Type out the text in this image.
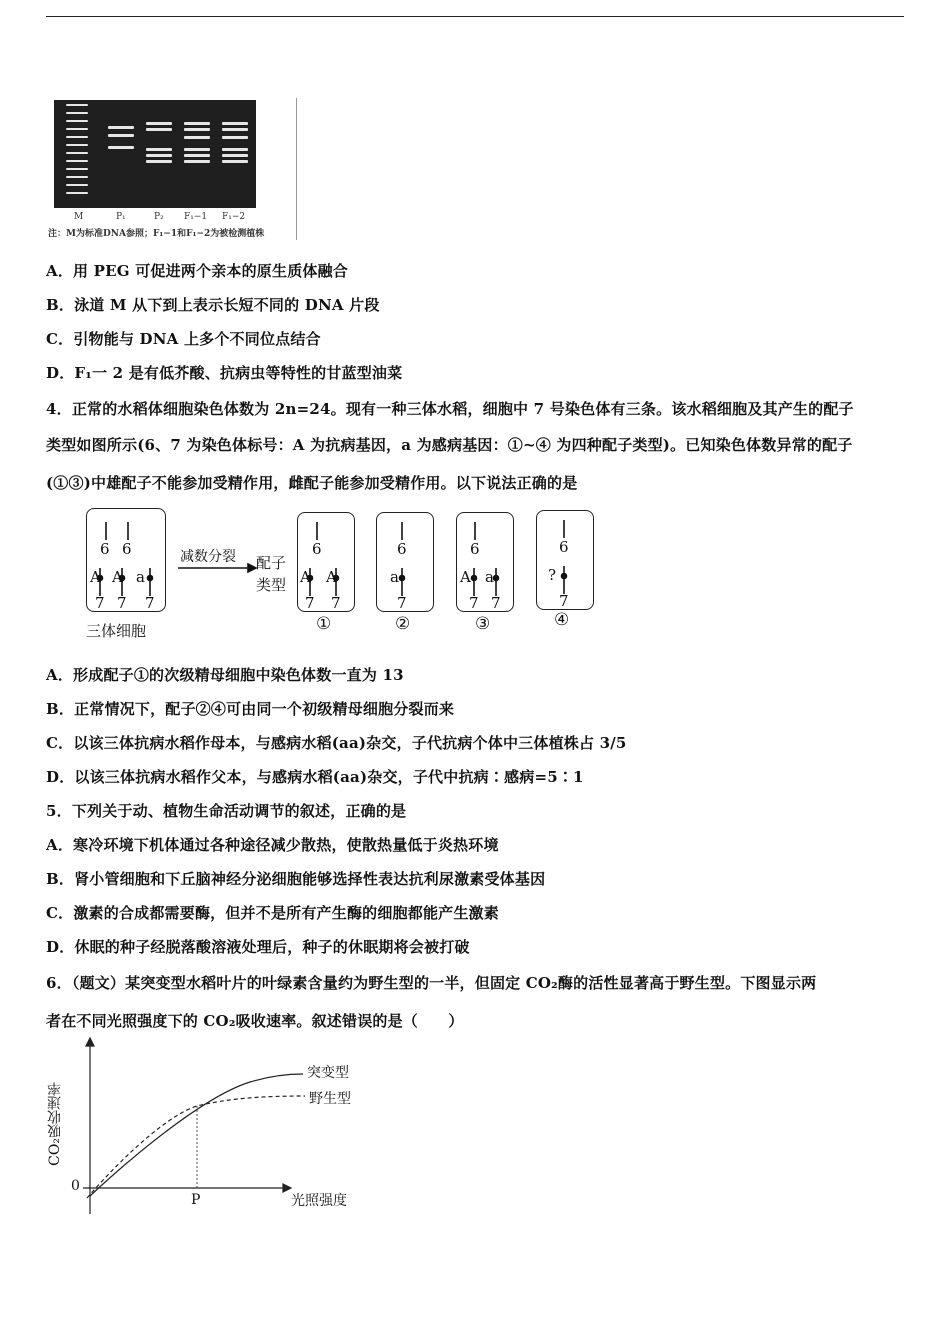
M	P₁	P₂ F₁−1 F₁−2
注：M为标准DNA参照；F₁−1和F₁−2为被检测植株
A．用 PEG 可促进两个亲本的原生质体融合
B．泳道 M 从下到上表示长短不同的 DNA 片段
C．引物能与 DNA 上多个不同位点结合
D．F₁一 2 是有低芥酸、抗病虫等特性的甘蓝型油菜
4．正常的水稻体细胞染色体数为 2n=24。现有一种三体水稻，细胞中 7 号染色体有三条。该水稻细胞及其产生的配子
类型如图所示(6、7 为染色体标号：A 为抗病基因，a 为感病基因：①~④ 为四种配子类型)。已知染色体数异常的配子
(①③)中雄配子不能参加受精作用，雌配子能参加受精作用。以下说法正确的是
6 6
A A a
7 7 7
三体细胞
减数分裂 配子
类型
6
A A
7 7
①
6
a
7
②
6
A a
7 7
③
6
?
7
④
A．形成配子①的次级精母细胞中染色体数一直为 13
B．正常情况下，配子②④可由同一个初级精母细胞分裂而来
C．以该三体抗病水稻作母本，与感病水稻(aa)杂交，子代抗病个体中三体植株占 3/5
D．以该三体抗病水稻作父本，与感病水稻(aa)杂交，子代中抗病∶感病=5∶1
5．下列关于动、植物生命活动调节的叙述，正确的是
A．寒冷环境下机体通过各种途径减少散热，使散热量低于炎热环境
B．肾小管细胞和下丘脑神经分泌细胞能够选择性表达抗利尿激素受体基因
C．激素的合成都需要酶，但并不是所有产生酶的细胞都能产生激素
D．休眠的种子经脱落酸溶液处理后，种子的休眠期将会被打破
6．（题文）某突变型水稻叶片的叶绿素含量约为野生型的一半，但固定 CO₂酶的活性显著高于野生型。下图显示两
者在不同光照强度下的 CO₂吸收速率。叙述错误的是（　　）
CO₂吸收速率
0
P	光照强度
突变型
野生型
